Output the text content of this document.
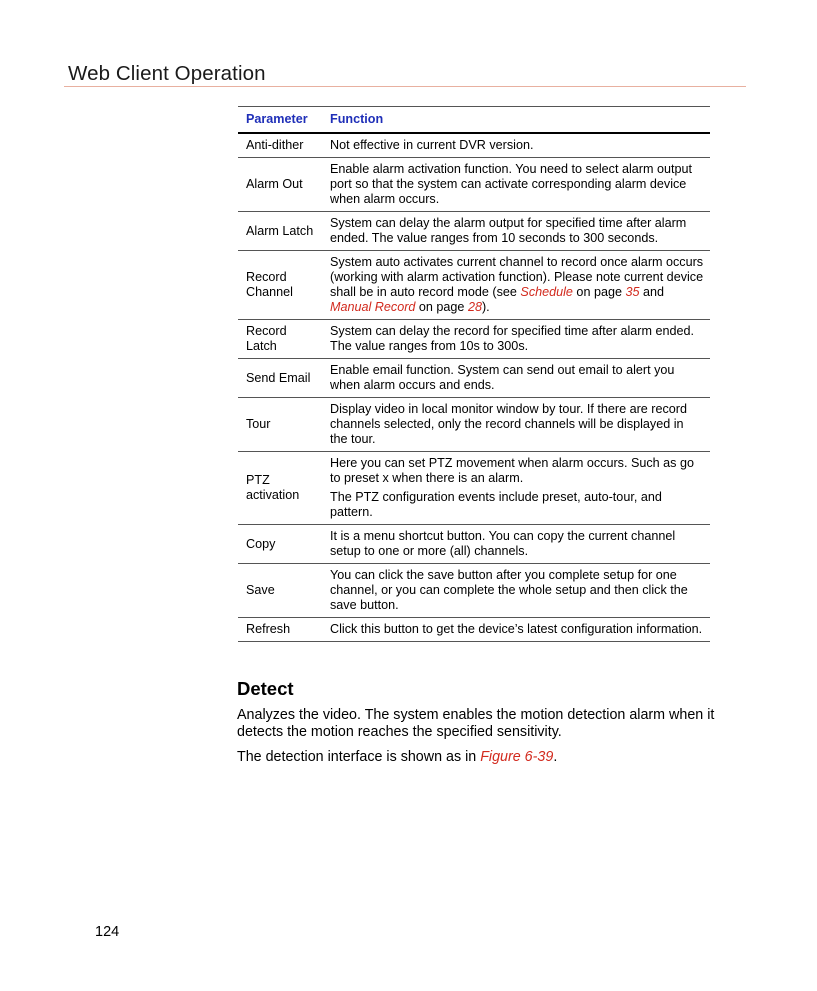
Web Client Operation
Parameter	Function
Anti-dither	Not effective in current DVR version.
Alarm Out	Enable alarm activation function. You need to select alarm output port so that the system can activate corresponding alarm device when alarm occurs.
Alarm Latch	System can delay the alarm output for specified time after alarm ended. The value ranges from 10 seconds to 300 seconds.
Record Channel	System auto activates current channel to record once alarm occurs (working with alarm activation function). Please note current device shall be in auto record mode (see Schedule on page 35 and Manual Record on page 28).
Record Latch	System can delay the record for specified time after alarm ended. The value ranges from 10s to 300s.
Send Email	Enable email function. System can send out email to alert you when alarm occurs and ends.
Tour	Display video in local monitor window by tour. If there are record channels selected, only the record channels will be displayed in the tour.
PTZ activation	Here you can set PTZ movement when alarm occurs. Such as go to preset x when there is an alarm.

The PTZ configuration events include preset, auto-tour, and pattern.

Copy	It is a menu shortcut button. You can copy the current channel setup to one or more (all) channels.
Save	You can click the save button after you complete setup for one channel, or you can complete the whole setup and then click the save button.
Refresh	Click this button to get the device’s latest configuration information.
Detect

Analyzes the video. The system enables the motion detection alarm when it detects the motion reaches the specified sensitivity.

The detection interface is shown as in Figure 6-39.

124
